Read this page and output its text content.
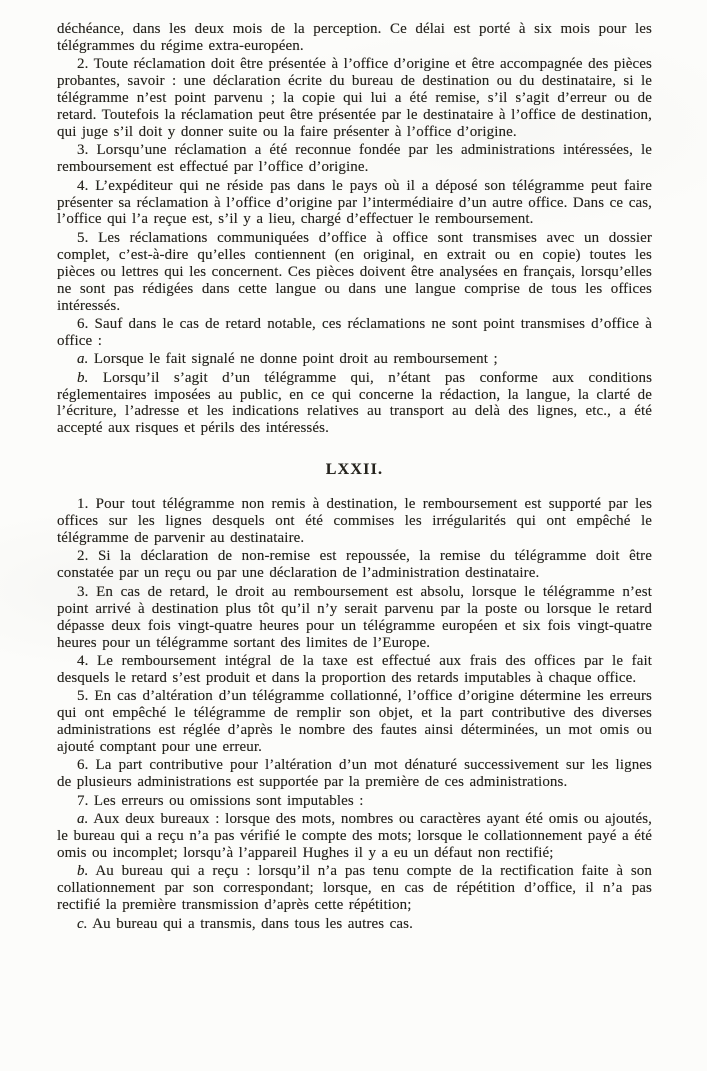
déchéance, dans les deux mois de la perception. Ce délai est porté à six mois pour les télégrammes du régime extra-européen.

2. Toute réclamation doit être présentée à l’office d’origine et être accompagnée des pièces probantes, savoir : une déclaration écrite du bureau de destination ou du destinataire, si le télégramme n’est point parvenu ; la copie qui lui a été remise, s’il s’agit d’erreur ou de retard. Toutefois la réclamation peut être présentée par le destinataire à l’office de destination, qui juge s’il doit y donner suite ou la faire présenter à l’office d’origine.

3. Lorsqu’une réclamation a été reconnue fondée par les administrations intéressées, le remboursement est effectué par l’office d’origine.

4. L’expéditeur qui ne réside pas dans le pays où il a déposé son télégramme peut faire présenter sa réclamation à l’office d’origine par l’intermédiaire d’un autre office. Dans ce cas, l’office qui l’a reçue est, s’il y a lieu, chargé d’effectuer le remboursement.

5. Les réclamations communiquées d’office à office sont transmises avec un dossier complet, c’est-à-dire qu’elles contiennent (en original, en extrait ou en copie) toutes les pièces ou lettres qui les concernent. Ces pièces doivent être analysées en français, lorsqu’elles ne sont pas rédigées dans cette langue ou dans une langue comprise de tous les offices intéressés.

6. Sauf dans le cas de retard notable, ces réclamations ne sont point transmises d’office à office :

a. Lorsque le fait signalé ne donne point droit au remboursement ;

b. Lorsqu’il s’agit d’un télégramme qui, n’étant pas conforme aux conditions réglementaires imposées au public, en ce qui concerne la rédaction, la langue, la clarté de l’écriture, l’adresse et les indications relatives au transport au delà des lignes, etc., a été accepté aux risques et périls des intéressés.

LXXII.

1. Pour tout télégramme non remis à destination, le remboursement est supporté par les offices sur les lignes desquels ont été commises les irrégularités qui ont empêché le télégramme de parvenir au destinataire.

2. Si la déclaration de non-remise est repoussée, la remise du télégramme doit être constatée par un reçu ou par une déclaration de l’administration destinataire.

3. En cas de retard, le droit au remboursement est absolu, lorsque le télégramme n’est point arrivé à destination plus tôt qu’il n’y serait parvenu par la poste ou lorsque le retard dépasse deux fois vingt-quatre heures pour un télégramme européen et six fois vingt-quatre heures pour un télégramme sortant des limites de l’Europe.

4. Le remboursement intégral de la taxe est effectué aux frais des offices par le fait desquels le retard s’est produit et dans la proportion des retards imputables à chaque office.

5. En cas d’altération d’un télégramme collationné, l’office d’origine détermine les erreurs qui ont empêché le télégramme de remplir son objet, et la part contributive des diverses administrations est réglée d’après le nombre des fautes ainsi déterminées, un mot omis ou ajouté comptant pour une erreur.

6. La part contributive pour l’altération d’un mot dénaturé successivement sur les lignes de plusieurs administrations est supportée par la première de ces administrations.

7. Les erreurs ou omissions sont imputables :

a. Aux deux bureaux : lorsque des mots, nombres ou caractères ayant été omis ou ajoutés, le bureau qui a reçu n’a pas vérifié le compte des mots; lorsque le collationnement payé a été omis ou incomplet; lorsqu’à l’appareil Hughes il y a eu un défaut non rectifié;

b. Au bureau qui a reçu : lorsqu’il n’a pas tenu compte de la rectification faite à son collationnement par son correspondant; lorsque, en cas de répétition d’office, il n’a pas rectifié la première transmission d’après cette répétition;

c. Au bureau qui a transmis, dans tous les autres cas.
